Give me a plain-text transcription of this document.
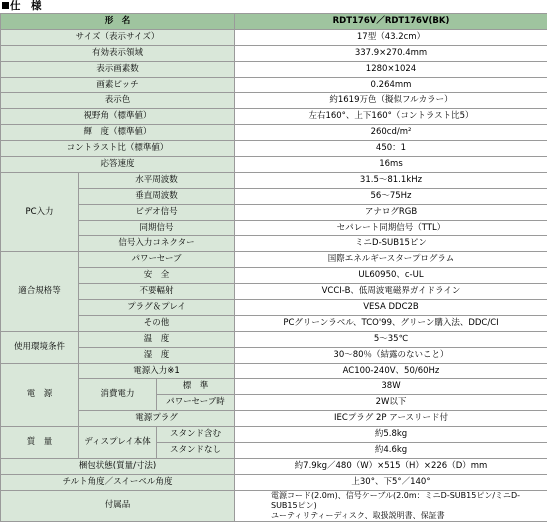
仕　様
形　名			RDT176V／RDT176V(BK)
サイズ（表示サイズ）			17型（43.2cm）
有効表示領域			337.9×270.4mm
表示画素数			1280×1024
画素ピッチ			0.264mm
表示色			約1619万色（擬似フルカラー）
視野角（標準値）			左右160°、上下160°（コントラスト比5）
輝　度（標準値）			260cd/m²
コントラスト比（標準値）			450：1
応答速度			16ms
PC入力	水平周波数		31.5～81.1kHz
	垂直周波数		56～75Hz
	ビデオ信号		アナログRGB
	同期信号		セパレート同期信号（TTL）
	信号入力コネクター		ミニD-SUB15ピン
適合規格等	パワーセーブ		国際エネルギースタープログラム
	安　全		UL60950、c-UL
	不要輻射		VCCI-B、低周波電磁界ガイドライン
	プラグ＆プレイ		VESA DDC2B
	その他		PCグリーンラベル、TCO'99、グリーン購入法、DDC/CI
使用環境条件	温　度		5～35℃
	湿　度		30～80％（結露のないこと）
電　源	電源入力※1		AC100-240V、50/60Hz
	消費電力	標　準	38W
		パワーセーブ時	2W以下
	電源プラグ		IECプラグ 2P アースリード付
質　量	ディスプレイ本体	スタンド含む	約5.8kg
		スタンドなし	約4.6kg
梱包状態(質量/寸法)			約7.9kg／480（W）×515（H）×226（D）mm
チルト角度／スイーベル角度			上30°、下5°／140°
付属品			電源コード(2.0m)、信号ケーブル(2.0m：ミニD-SUB15ピン/ミニD-SUB15ピン)
ユーティリティーディスク、取扱説明書、保証書
